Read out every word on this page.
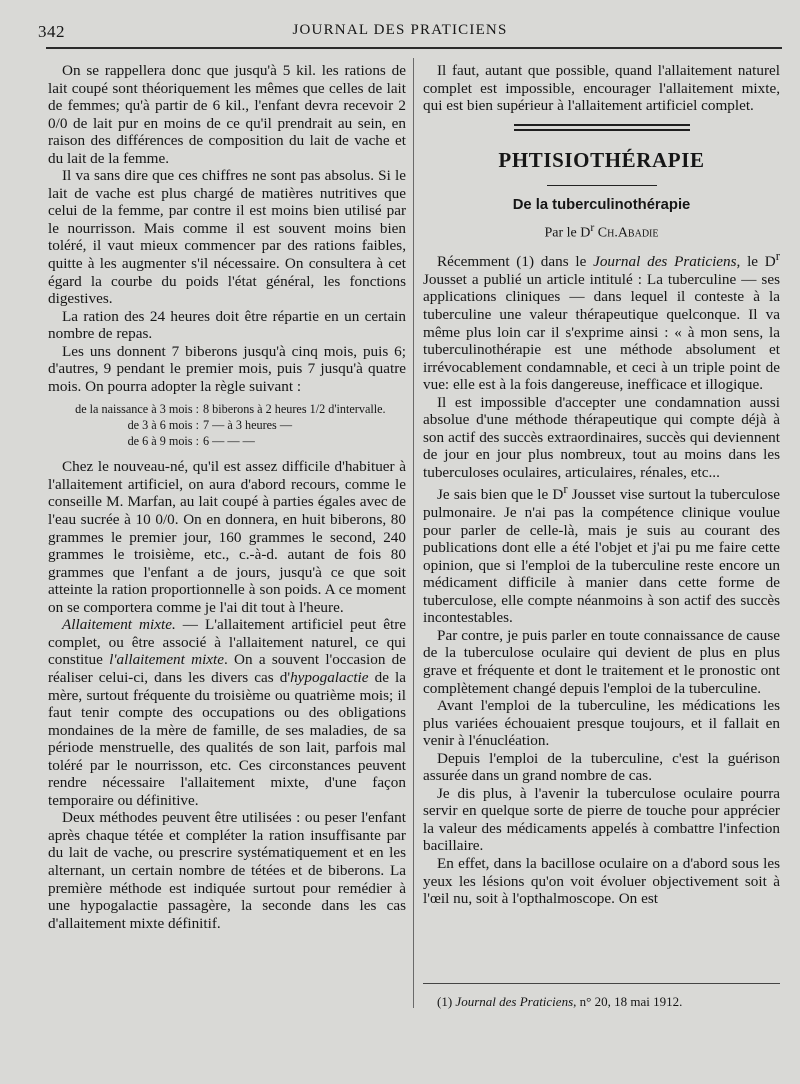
342	JOURNAL DES PRATICIENS

On se rappellera donc que jusqu'à 5 kil. les rations de lait coupé sont théoriquement les mêmes que celles de lait de femmes; qu'à partir de 6 kil., l'enfant devra recevoir 2 0/0 de lait pur en moins de ce qu'il prendrait au sein, en raison des différences de composition du lait de vache et du lait de la femme.

Il va sans dire que ces chiffres ne sont pas absolus. Si le lait de vache est plus chargé de matières nutritives que celui de la femme, par contre il est moins bien utilisé par le nourrisson. Mais comme il est souvent moins bien toléré, il vaut mieux commencer par des rations faibles, quitte à les augmenter s'il nécessaire. On consultera à cet égard la courbe du poids l'état général, les fonctions digestives.

La ration des 24 heures doit être répartie en un certain nombre de repas.

Les uns donnent 7 biberons jusqu'à cinq mois, puis 6; d'autres, 9 pendant le premier mois, puis 7 jusqu'à quatre mois. On pourra adopter la règle suivant :

de la naissance à 3 mois : 8 biberons à 2 heures 1/2 d'intervalle.
de 3 à 6 mois : 7 — à 3 heures —
de 6 à 9 mois : 6 — — —

Chez le nouveau-né, qu'il est assez difficile d'habituer à l'allaitement artificiel, on aura d'abord recours, comme le conseille M. Marfan, au lait coupé à parties égales avec de l'eau sucrée à 10 0/0. On en donnera, en huit biberons, 80 grammes le premier jour, 160 grammes le second, 240 grammes le troisième, etc., c.-à-d. autant de fois 80 grammes que l'enfant a de jours, jusqu'à ce que soit atteinte la ration proportionnelle à son poids. A ce moment on se comportera comme je l'ai dit tout à l'heure.

Allaitement mixte. — L'allaitement artificiel peut être complet, ou être associé à l'allaitement naturel, ce qui constitue l'allaitement mixte. On a souvent l'occasion de réaliser celui-ci, dans les divers cas d'hypogalactie de la mère, surtout fréquente du troisième ou quatrième mois; il faut tenir compte des occupations ou des obligations mondaines de la mère de famille, de ses maladies, de sa période menstruelle, des qualités de son lait, parfois mal toléré par le nourrisson, etc. Ces circonstances peuvent rendre nécessaire l'allaitement mixte, d'une façon temporaire ou définitive.

Deux méthodes peuvent être utilisées : ou peser l'enfant après chaque tétée et compléter la ration insuffisante par du lait de vache, ou prescrire systématiquement et en les alternant, un certain nombre de tétées et de biberons. La première méthode est indiquée surtout pour remédier à une hypogalactie passagère, la seconde dans les cas d'allaitement mixte définitif.

Il faut, autant que possible, quand l'allaitement naturel complet est impossible, encourager l'allaitement mixte, qui est bien supérieur à l'allaitement artificiel complet.

PHTISIOTHÉRAPIE
De la tuberculinothérapie
Par le $D^r$ Ch.Abadie

Récemment (1) dans le Journal des Praticiens, le $D^r$ Jousset a publié un article intitulé : La tuberculine — ses applications cliniques — dans lequel il conteste à la tuberculine une valeur thérapeutique quelconque. Il va même plus loin car il s'exprime ainsi : « à mon sens, la tuberculinothérapie est une méthode absolument et irrévocablement condamnable, et ceci à un triple point de vue: elle est à la fois dangereuse, inefficace et illogique.

Il est impossible d'accepter une condamnation aussi absolue d'une méthode thérapeutique qui compte déjà à son actif des succès extraordinaires, succès qui deviennent de jour en jour plus nombreux, tout au moins dans les tuberculoses oculaires, articulaires, rénales, etc...

Je sais bien que le $D^r$ Jousset vise surtout la tuberculose pulmonaire. Je n'ai pas la compétence clinique voulue pour parler de celle-là, mais je suis au courant des publications dont elle a été l'objet et j'ai pu me faire cette opinion, que si l'emploi de la tuberculine reste encore un médicament difficile à manier dans cette forme de tuberculose, elle compte néanmoins à son actif des succès incontestables.

Par contre, je puis parler en toute connaissance de cause de la tuberculose oculaire qui devient de plus en plus grave et fréquente et dont le traitement et le pronostic ont complètement changé depuis l'emploi de la tuberculine.

Avant l'emploi de la tuberculine, les médications les plus variées échouaient presque toujours, et il fallait en venir à l'énucléation.

Depuis l'emploi de la tuberculine, c'est la guérison assurée dans un grand nombre de cas.

Je dis plus, à l'avenir la tuberculose oculaire pourra servir en quelque sorte de pierre de touche pour apprécier la valeur des médicaments appelés à combattre l'infection bacillaire.

En effet, dans la bacillose oculaire on a d'abord sous les yeux les lésions qu'on voit évoluer objectivement soit à l'œil nu, soit à l'opthalmoscope. On est

(1) Journal des Praticiens, n° 20, 18 mai 1912.
